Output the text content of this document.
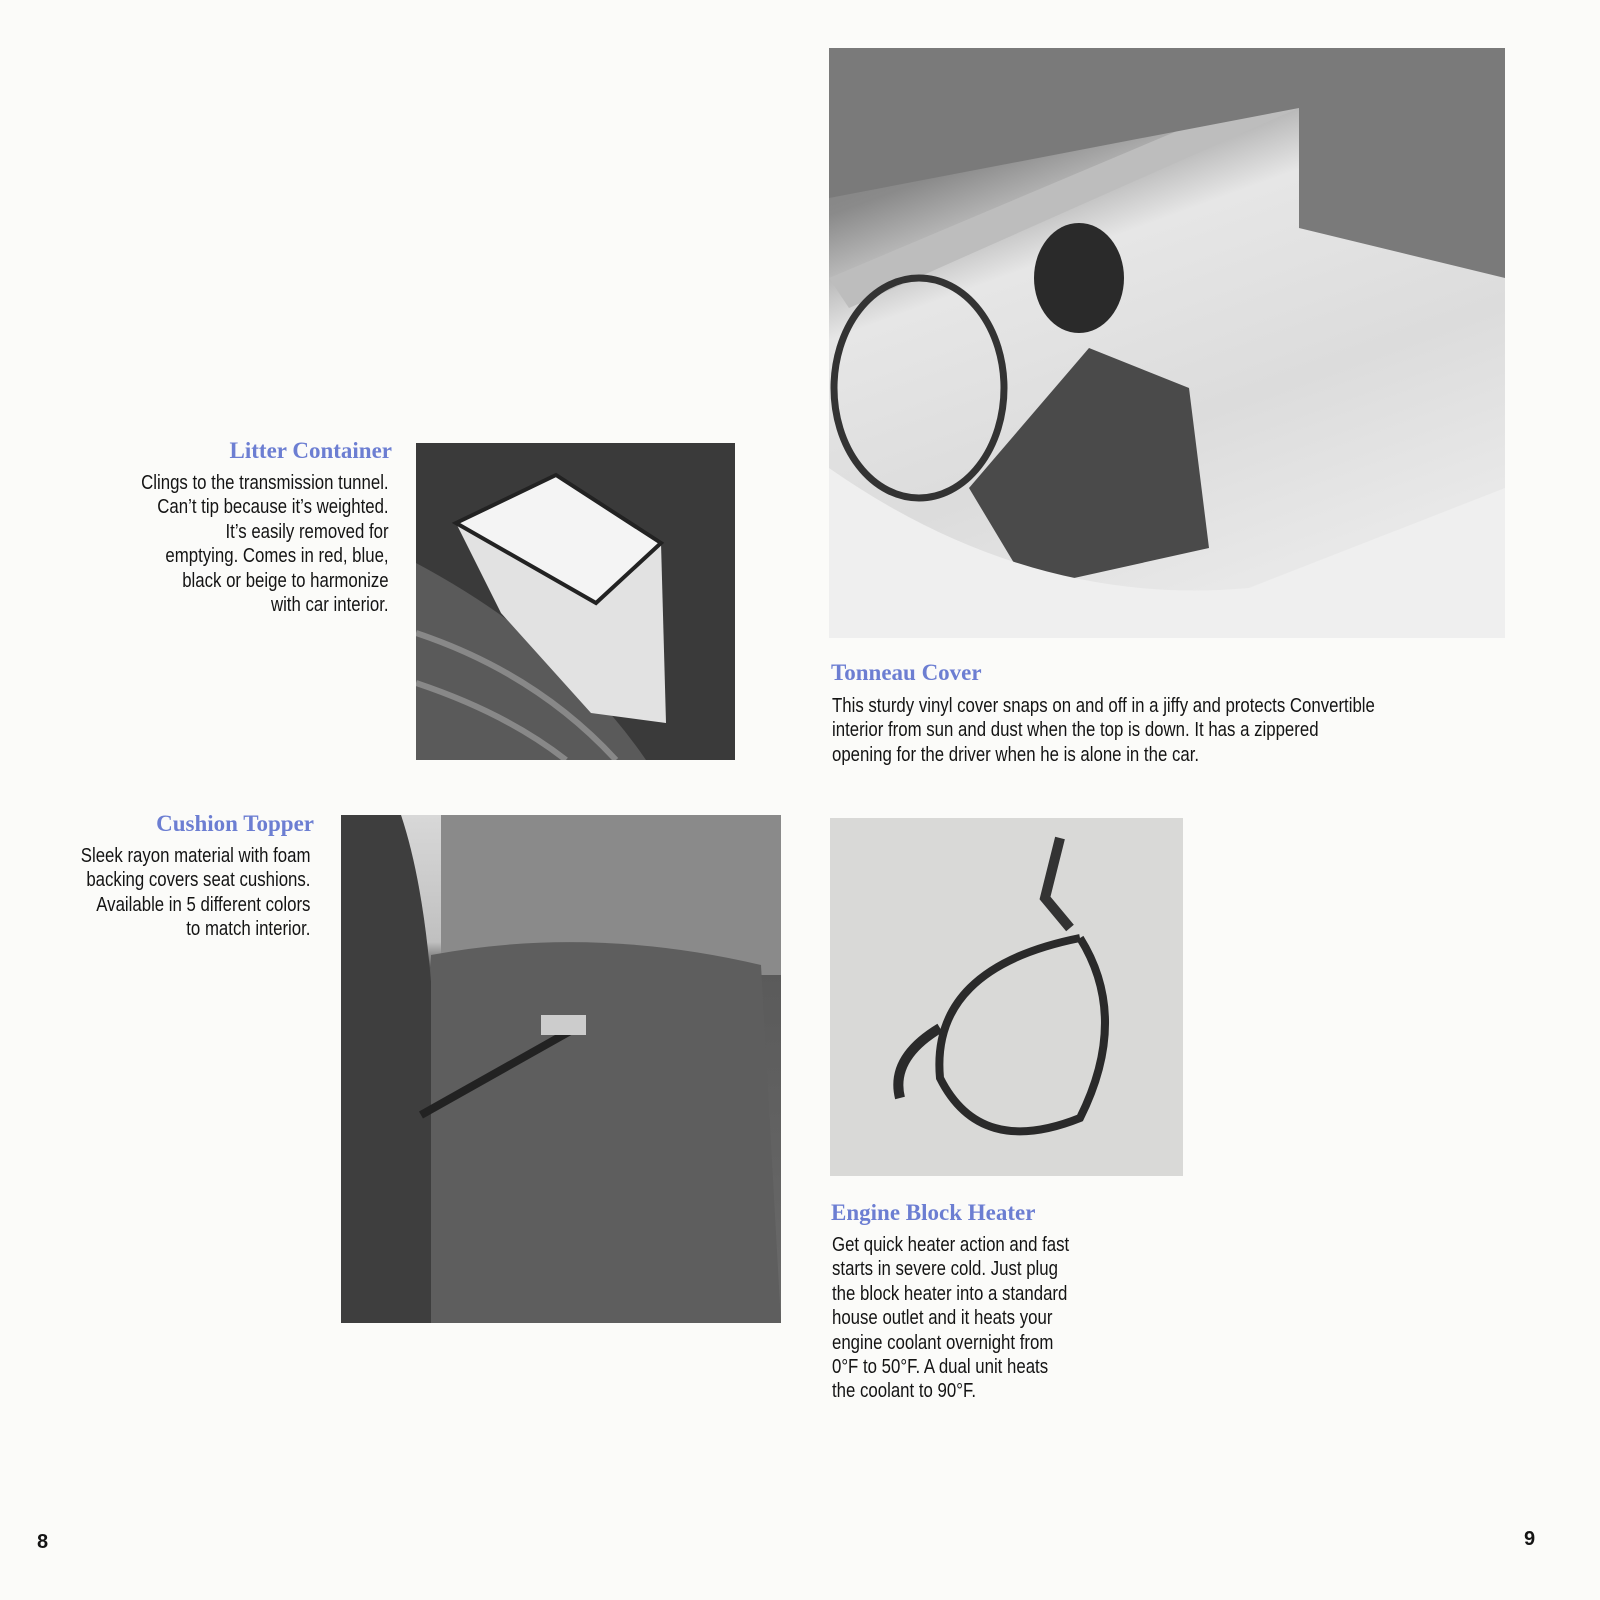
Litter Container
Clings to the transmission tunnel.
Can’t tip because it’s weighted.
It’s easily removed for
emptying. Comes in red, blue,
black or beige to harmonize
with car interior.
Cushion Topper
Sleek rayon material with foam
backing covers seat cushions.
Available in 5 different colors
to match interior.
Tonneau Cover
This sturdy vinyl cover snaps on and off in a jiffy and protects Convertible
interior from sun and dust when the top is down. It has a zippered
opening for the driver when he is alone in the car.
Engine Block Heater
Get quick heater action and fast
starts in severe cold. Just plug
the block heater into a standard
house outlet and it heats your
engine coolant overnight from
0°F to 50°F. A dual unit heats
the coolant to 90°F.
8	9
